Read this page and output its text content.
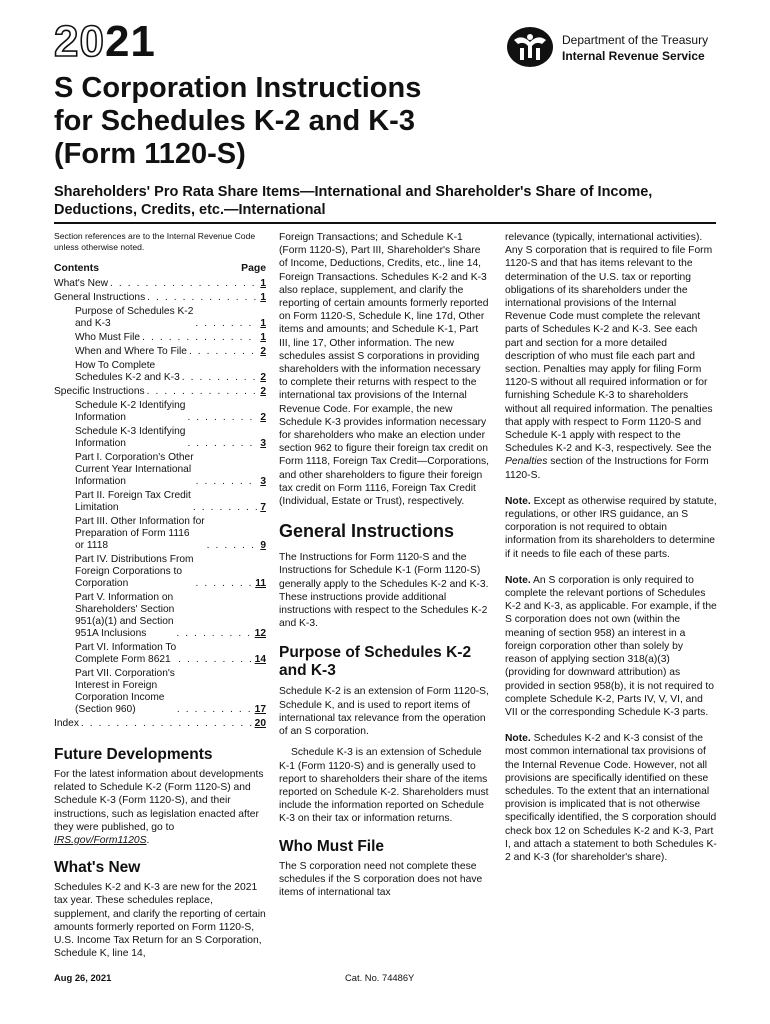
2021	Department of the Treasury
Internal Revenue Service
S Corporation Instructions
for Schedules K-2 and K-3
(Form 1120-S)
Shareholders' Pro Rata Share Items—International and Shareholder's Share of Income, Deductions, Credits, etc.—International
Section references are to the Internal Revenue Code unless otherwise noted.
Contents	Page
What's New . . .	1
General Instructions . . .	1
Purpose of Schedules K-2
and K-3 . . .	1
Who Must File . . .	1
When and Where To File . . .	2
How To Complete
Schedules K-2 and K-3 . . .	2
Specific Instructions . . .	2
Schedule K-2 Identifying
Information . . .	2
Schedule K-3 Identifying
Information . . .	3
Part I. Corporation's Other
Current Year International
Information . . .	3
Part II. Foreign Tax Credit
Limitation . . .	7
Part III. Other Information for
Preparation of Form 1116
or 1118 . . .	9
Part IV. Distributions From
Foreign Corporations to
Corporation . . .	11
Part V. Information on
Shareholders' Section
951(a)(1) and Section
951A Inclusions . . .	12
Part VI. Information To
Complete Form 8621 . . .	14
Part VII. Corporation's
Interest in Foreign
Corporation Income
(Section 960) . . .	17
Index . . .	20
Future Developments

For the latest information about developments related to Schedule K-2 (Form 1120-S) and Schedule K-3 (Form 1120-S), and their instructions, such as legislation enacted after they were published, go to IRS.gov/Form1120S.

What's New

Schedules K-2 and K-3 are new for the 2021 tax year. These schedules replace, supplement, and clarify the reporting of certain amounts formerly reported on Form 1120-S, U.S. Income Tax Return for an S Corporation, Schedule K, line 14,

Foreign Transactions; and Schedule K-1 (Form 1120-S), Part III, Shareholder's Share of Income, Deductions, Credits, etc., line 14, Foreign Transactions. Schedules K-2 and K-3 also replace, supplement, and clarify the reporting of certain amounts formerly reported on Form 1120-S, Schedule K, line 17d, Other items and amounts; and Schedule K-1, Part III, line 17, Other information. The new schedules assist S corporations in providing shareholders with the information necessary to complete their returns with respect to the international tax provisions of the Internal Revenue Code. For example, the new Schedule K-3 provides information necessary for shareholders who make an election under section 962 to figure their foreign tax credit on Form 1118, Foreign Tax Credit—Corporations, and other shareholders to figure their foreign tax credit on Form 1116, Foreign Tax Credit (Individual, Estate or Trust), respectively.

General Instructions

The Instructions for Form 1120-S and the Instructions for Schedule K-1 (Form 1120-S) generally apply to the Schedules K-2 and K-3. These instructions provide additional instructions with respect to the Schedules K-2 and K-3.

Purpose of Schedules K-2 and K-3

Schedule K-2 is an extension of Form 1120-S, Schedule K, and is used to report items of international tax relevance from the operation of an S corporation.

Schedule K-3 is an extension of Schedule K-1 (Form 1120-S) and is generally used to report to shareholders their share of the items reported on Schedule K-2. Shareholders must include the information reported on Schedule K-3 on their tax or information returns.

Who Must File

The S corporation need not complete these schedules if the S corporation does not have items of international tax

relevance (typically, international activities). Any S corporation that is required to file Form 1120-S and that has items relevant to the determination of the U.S. tax or reporting obligations of its shareholders under the international provisions of the Internal Revenue Code must complete the relevant parts of Schedules K-2 and K-3. See each part and section for a more detailed description of who must file each part and section. Penalties may apply for filing Form 1120-S without all required information or for furnishing Schedule K-3 to shareholders without all required information. The penalties that apply with respect to Form 1120-S and Schedule K-1 apply with respect to the Schedules K-2 and K-3, respectively. See the Penalties section of the Instructions for Form 1120-S.

Note. Except as otherwise required by statute, regulations, or other IRS guidance, an S corporation is not required to obtain information from its shareholders to determine if it needs to file each of these parts.

Note. An S corporation is only required to complete the relevant portions of Schedules K-2 and K-3, as applicable. For example, if the S corporation does not own (within the meaning of section 958) an interest in a foreign corporation other than solely by reason of applying section 318(a)(3) (providing for downward attribution) as provided in section 958(b), it is not required to complete Schedule K-2, Parts IV, V, VI, and VII or the corresponding Schedule K-3 parts.

Note. Schedules K-2 and K-3 consist of the most common international tax provisions of the Internal Revenue Code. However, not all provisions are specifically identified on these schedules. To the extent that an international provision is implicated that is not otherwise specifically identified, the S corporation should check box 12 on Schedules K-2 and K-3, Part I, and attach a statement to both Schedules K-2 and K-3 (for shareholder's share).

Aug 26, 2021	Cat. No. 74486Y
